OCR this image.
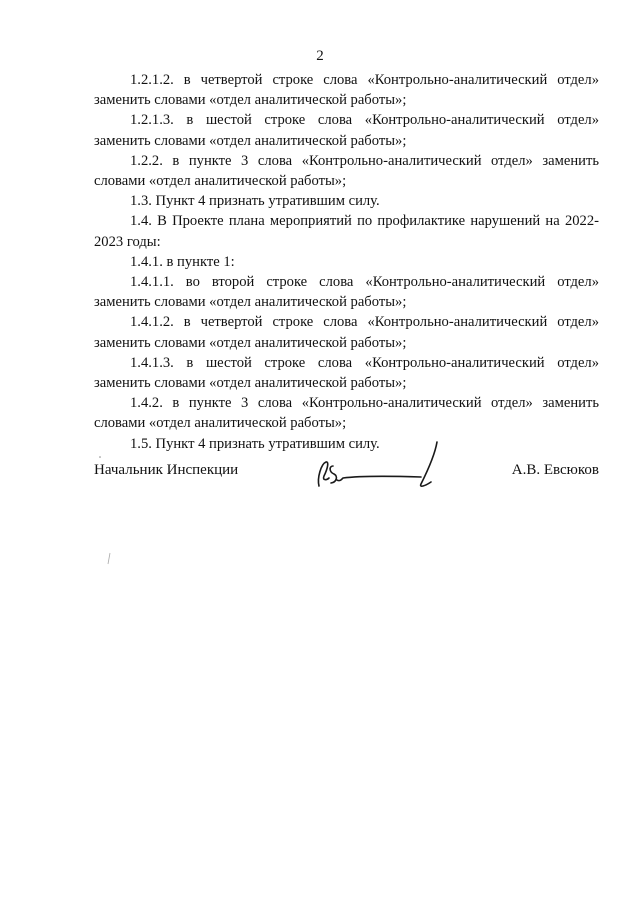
2

1.2.1.2. в четвертой строке слова «Контрольно-аналитический отдел» заменить словами «отдел аналитической работы»;

1.2.1.3. в шестой строке слова «Контрольно-аналитический отдел» заменить словами «отдел аналитической работы»;

1.2.2. в пункте 3 слова «Контрольно-аналитический отдел» заменить словами «отдел аналитической работы»;

1.3. Пункт 4 признать утратившим силу.

1.4. В Проекте плана мероприятий по профилактике нарушений на 2022-2023 годы:

1.4.1. в пункте 1:

1.4.1.1. во второй строке слова «Контрольно-аналитический отдел» заменить словами «отдел аналитической работы»;

1.4.1.2. в четвертой строке слова «Контрольно-аналитический отдел» заменить словами «отдел аналитической работы»;

1.4.1.3. в шестой строке слова «Контрольно-аналитический отдел» заменить словами «отдел аналитической работы»;

1.4.2. в пункте 3 слова «Контрольно-аналитический отдел» заменить словами «отдел аналитической работы»;

1.5. Пункт 4 признать утратившим силу.

Начальник Инспекции	А.В. Евсюков
